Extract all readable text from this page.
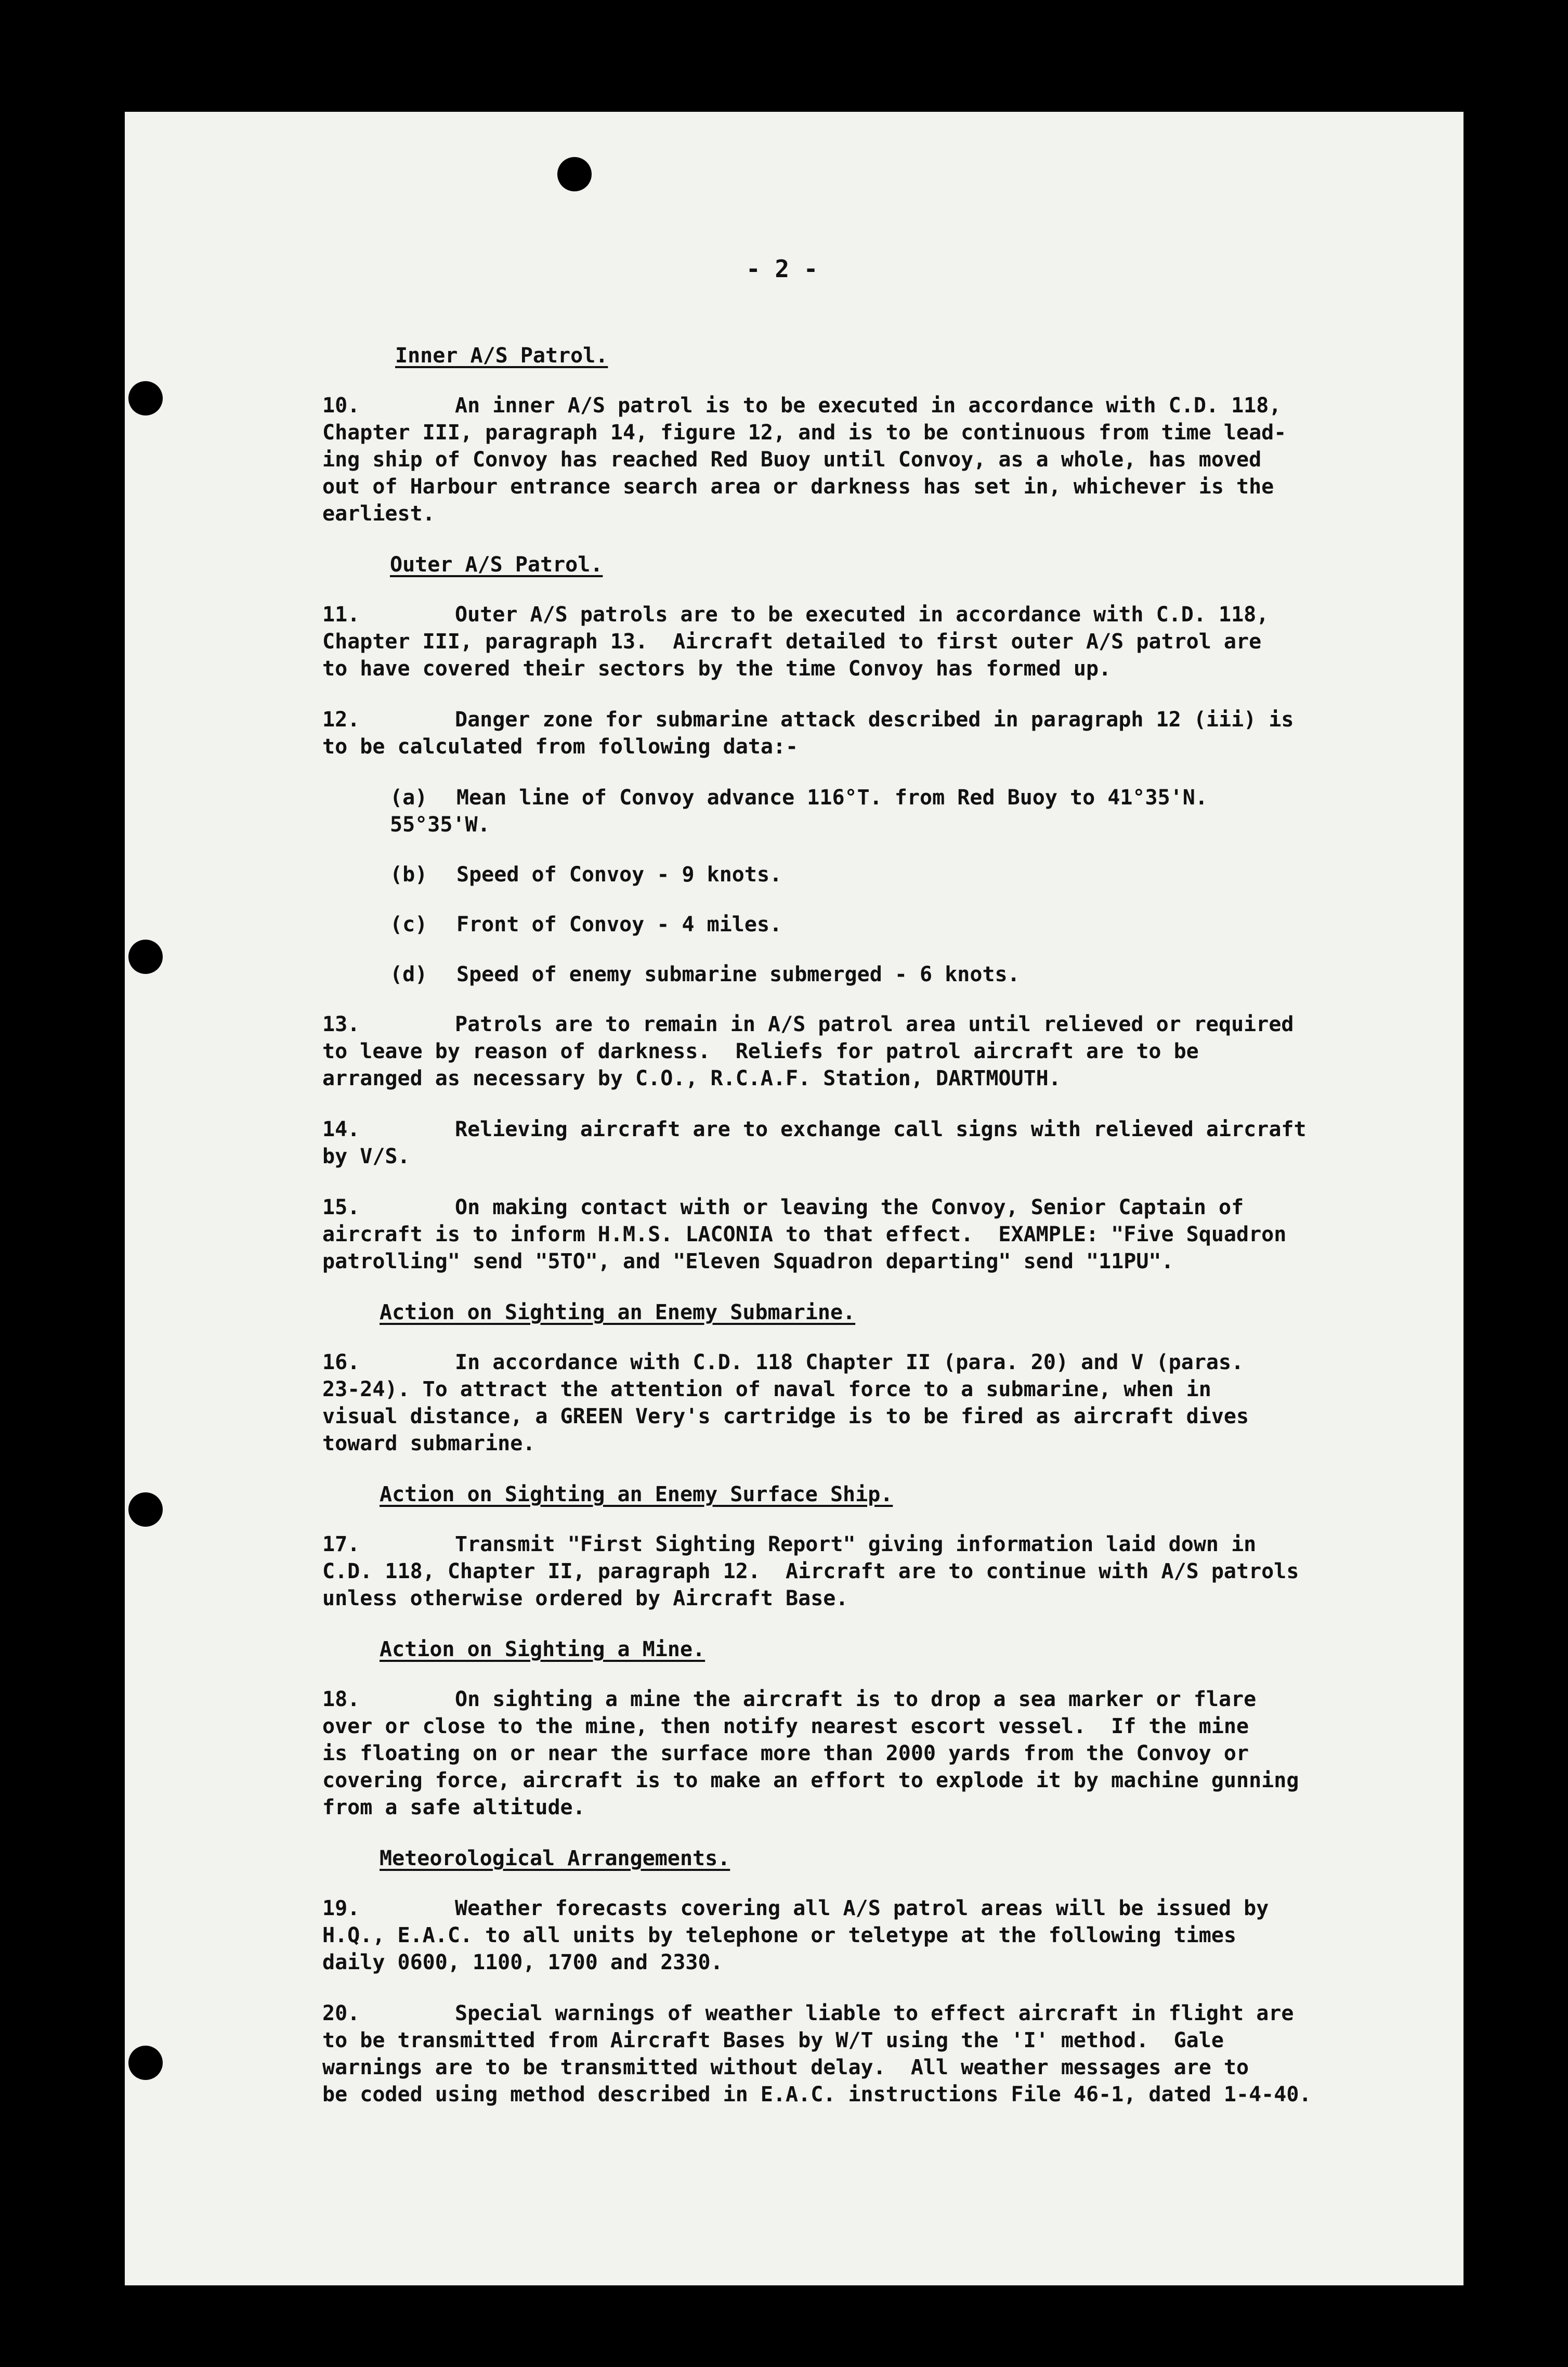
- 2 -
Inner A/S Patrol.

10.	An inner A/S patrol is to be executed in accordance with C.D. 118,
Chapter III, paragraph 14, figure 12, and is to be continuous from time lead-
ing ship of Convoy has reached Red Buoy until Convoy, as a whole, has moved
out of Harbour entrance search area or darkness has set in, whichever is the
earliest.

Outer A/S Patrol.

11.	Outer A/S patrols are to be executed in accordance with C.D. 118,
Chapter III, paragraph 13.  Aircraft detailed to first outer A/S patrol are
to have covered their sectors by the time Convoy has formed up.

12.	Danger zone for submarine attack described in paragraph 12 (iii) is
to be calculated from following data:-

(a) Mean line of Convoy advance 116°T. from Red Buoy to 41°35'N.
55°35'W.

(b) Speed of Convoy - 9 knots.

(c) Front of Convoy - 4 miles.

(d) Speed of enemy submarine submerged - 6 knots.

13.	Patrols are to remain in A/S patrol area until relieved or required
to leave by reason of darkness.  Reliefs for patrol aircraft are to be
arranged as necessary by C.O., R.C.A.F. Station, DARTMOUTH.

14.	Relieving aircraft are to exchange call signs with relieved aircraft
by V/S.

15.	On making contact with or leaving the Convoy, Senior Captain of
aircraft is to inform H.M.S. LACONIA to that effect.  EXAMPLE: "Five Squadron
patrolling" send "5TO", and "Eleven Squadron departing" send "11PU".

Action on Sighting an Enemy Submarine.

16.	In accordance with C.D. 118 Chapter II (para. 20) and V (paras.
23-24). To attract the attention of naval force to a submarine, when in
visual distance, a GREEN Very's cartridge is to be fired as aircraft dives
toward submarine.

Action on Sighting an Enemy Surface Ship.

17.	Transmit "First Sighting Report" giving information laid down in
C.D. 118, Chapter II, paragraph 12.  Aircraft are to continue with A/S patrols
unless otherwise ordered by Aircraft Base.

Action on Sighting a Mine.

18.	On sighting a mine the aircraft is to drop a sea marker or flare
over or close to the mine, then notify nearest escort vessel.  If the mine
is floating on or near the surface more than 2000 yards from the Convoy or
covering force, aircraft is to make an effort to explode it by machine gunning
from a safe altitude.

Meteorological Arrangements.

19.	Weather forecasts covering all A/S patrol areas will be issued by
H.Q., E.A.C. to all units by telephone or teletype at the following times
daily 0600, 1100, 1700 and 2330.

20.	Special warnings of weather liable to effect aircraft in flight are
to be transmitted from Aircraft Bases by W/T using the 'I' method.  Gale
warnings are to be transmitted without delay.  All weather messages are to
be coded using method described in E.A.C. instructions File 46-1, dated 1-4-40.
